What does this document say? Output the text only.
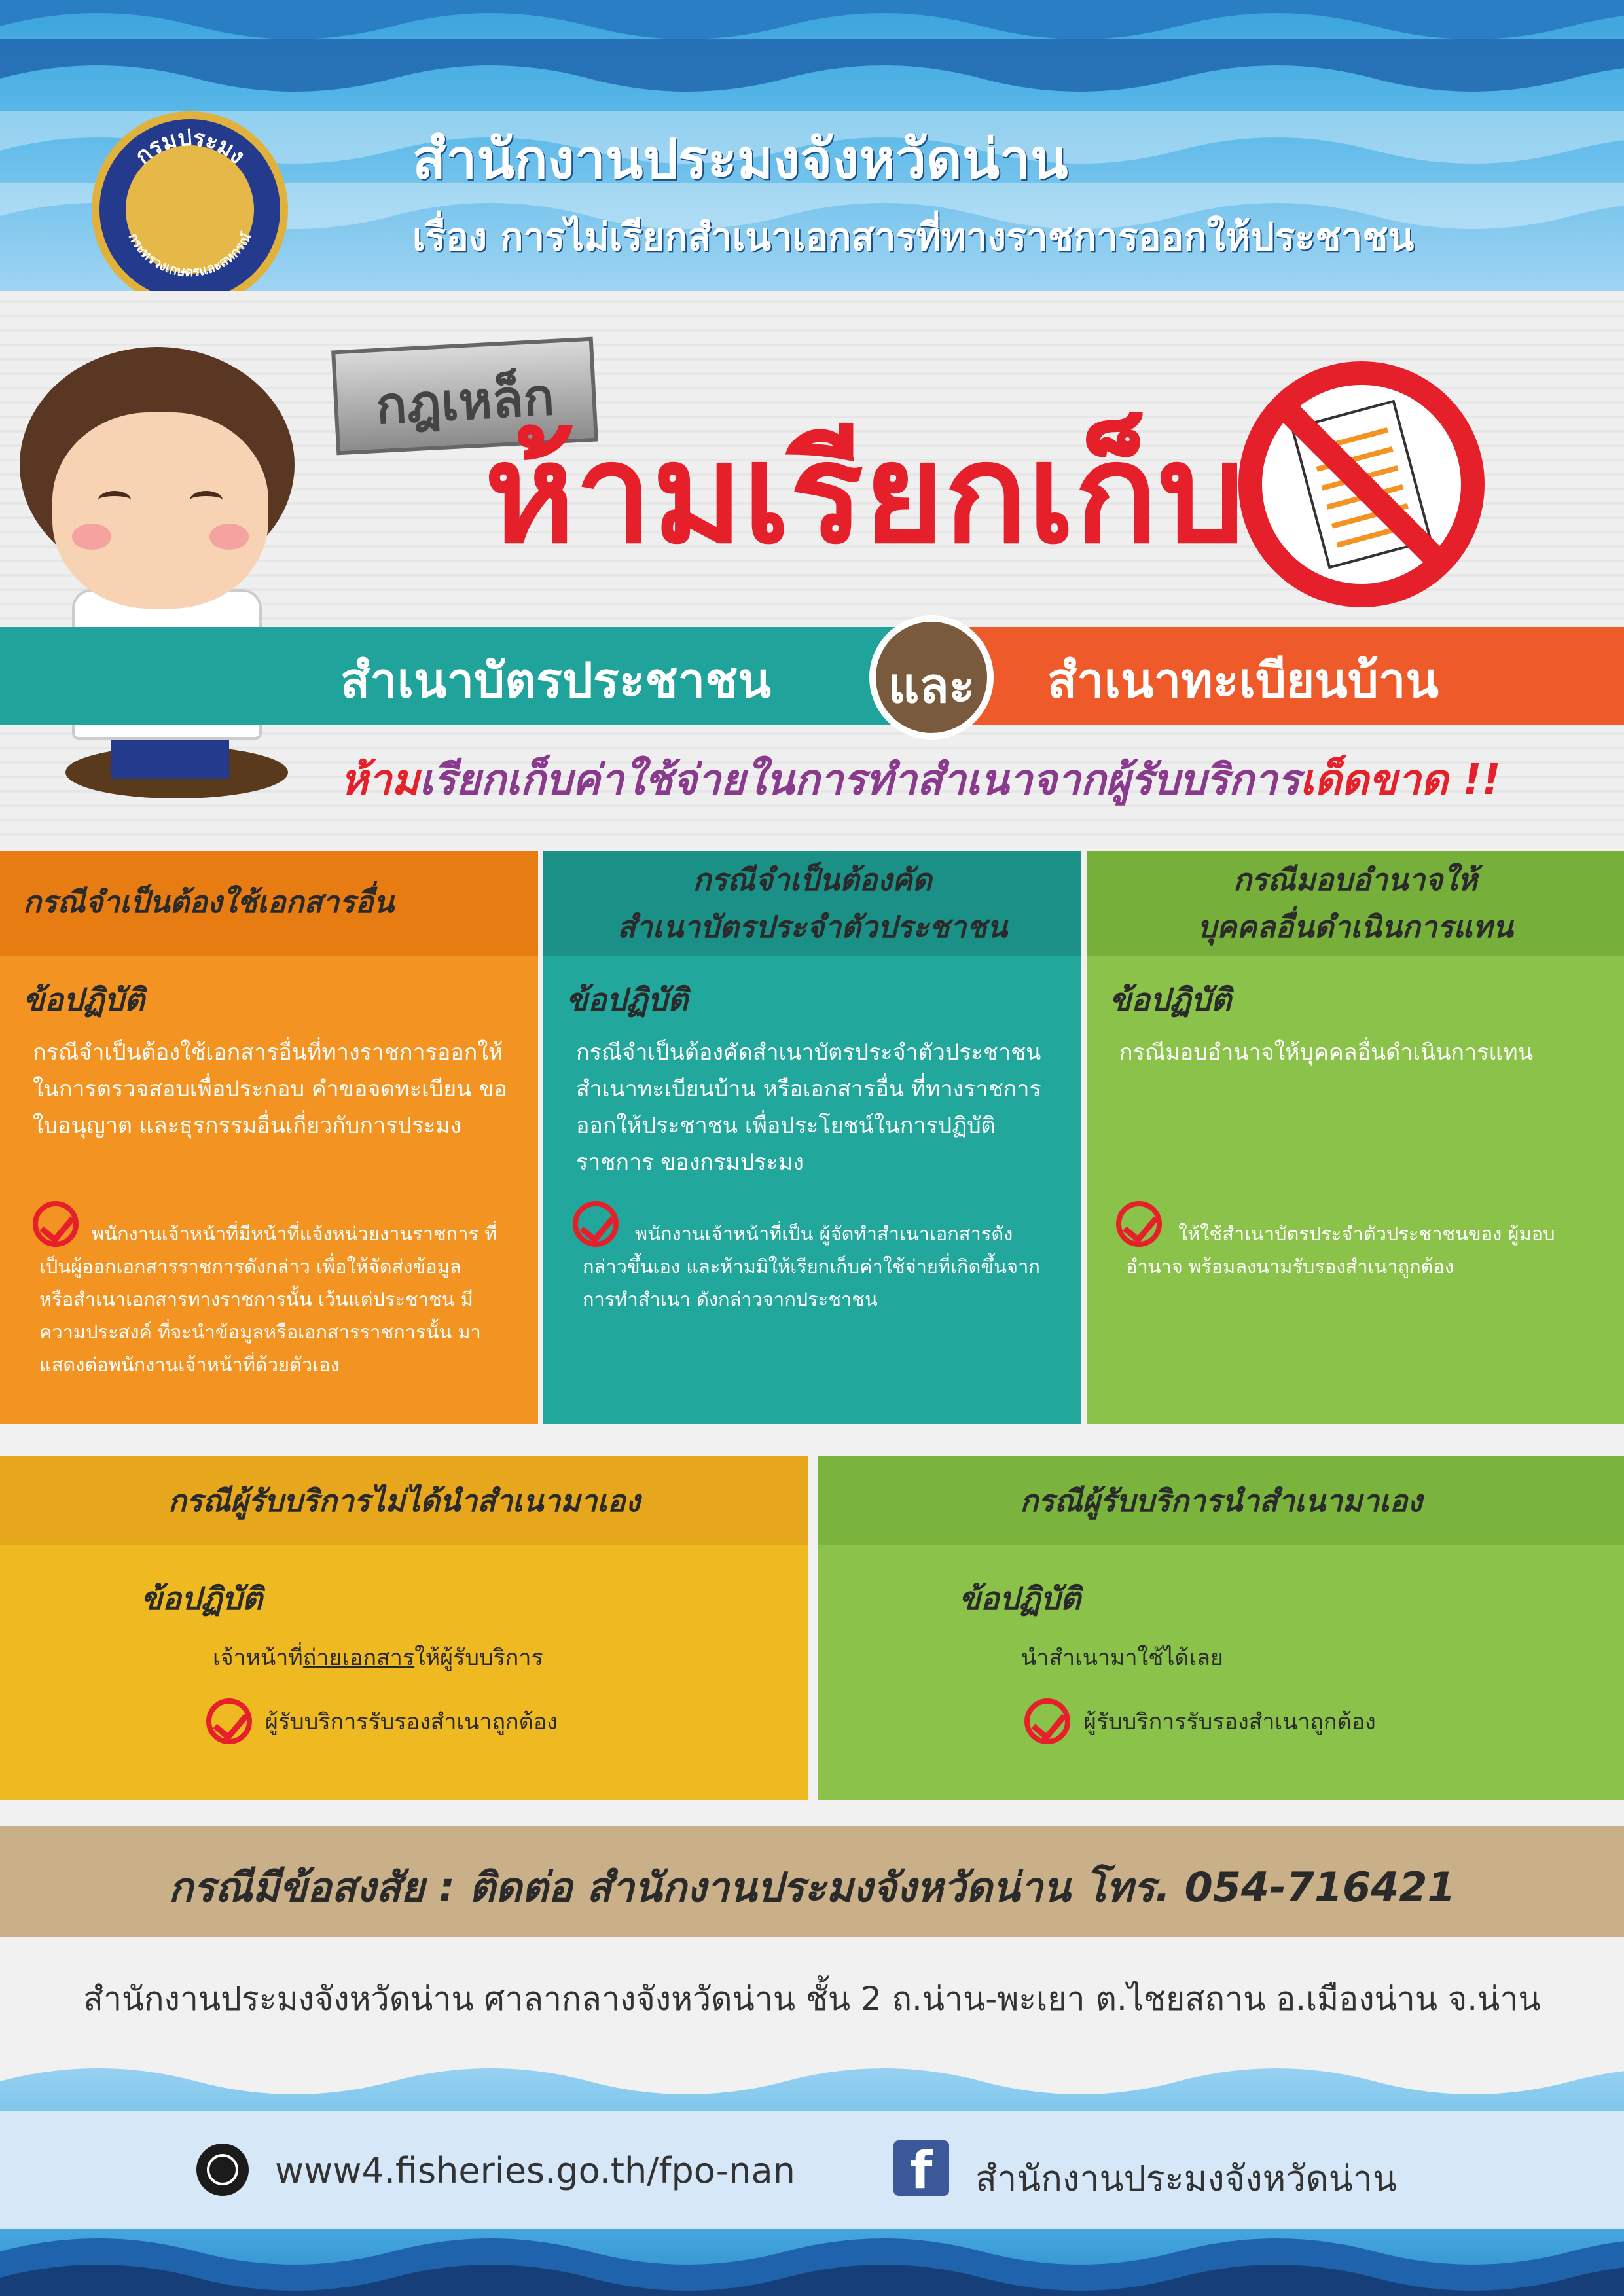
กรมประมง
กระทรวงเกษตรและสหกรณ์
สำนักงานประมงจังหวัดน่าน
เรื่อง การไม่เรียกสำเนาเอกสารที่ทางราชการออกให้ประชาชน
กฎเหล็ก
ห้ามเรียกเก็บ
สำเนาบัตรประชาชน	สำเนาทะเบียนบ้าน
และ
ห้ามเรียกเก็บค่าใช้จ่ายในการทำสำเนาจากผู้รับบริการเด็ดขาด !!
กรณีจำเป็นต้องใช้เอกสารอื่น
ข้อปฏิบัติ
กรณีจำเป็นต้องใช้เอกสารอื่นที่ทางราชการออกให้ ในการตรวจสอบเพื่อประกอบ คำขอจดทะเบียน ขอใบอนุญาต และธุรกรรมอื่นเกี่ยวกับการประมง
พนักงานเจ้าหน้าที่มีหน้าที่แจ้งหน่วยงานราชการ ที่เป็นผู้ออกเอกสารราชการดังกล่าว เพื่อให้จัดส่งข้อมูล หรือสำเนาเอกสารทางราชการนั้น เว้นแต่ประชาชน มีความประสงค์ ที่จะนำข้อมูลหรือเอกสารราชการนั้น มาแสดงต่อพนักงานเจ้าหน้าที่ด้วยตัวเอง
กรณีจำเป็นต้องคัด
สำเนาบัตรประจำตัวประชาชน
ข้อปฏิบัติ
กรณีจำเป็นต้องคัดสำเนาบัตรประจำตัวประชาชน สำเนาทะเบียนบ้าน หรือเอกสารอื่น ที่ทางราชการ ออกให้ประชาชน เพื่อประโยชน์ในการปฏิบัติราชการ ของกรมประมง
พนักงานเจ้าหน้าที่เป็น ผู้จัดทำสำเนาเอกสารดังกล่าวขึ้นเอง และห้ามมิให้เรียกเก็บค่าใช้จ่ายที่เกิดขึ้นจากการทำสำเนา ดังกล่าวจากประชาชน
กรณีมอบอำนาจให้
บุคคลอื่นดำเนินการแทน
ข้อปฏิบัติ
กรณีมอบอำนาจให้บุคคลอื่นดำเนินการแทน
ให้ใช้สำเนาบัตรประจำตัวประชาชนของ ผู้มอบอำนาจ พร้อมลงนามรับรองสำเนาถูกต้อง
กรณีผู้รับบริการไม่ได้นำสำเนามาเอง
ข้อปฏิบัติ
เจ้าหน้าที่ถ่ายเอกสารให้ผู้รับบริการ
ผู้รับบริการรับรองสำเนาถูกต้อง
กรณีผู้รับบริการนำสำเนามาเอง
ข้อปฏิบัติ
นำสำเนามาใช้ได้เลย
ผู้รับบริการรับรองสำเนาถูกต้อง
กรณีมีข้อสงสัย : ติดต่อ สำนักงานประมงจังหวัดน่าน โทร. 054-716421
สำนักงานประมงจังหวัดน่าน ศาลากลางจังหวัดน่าน ชั้น 2 ถ.น่าน-พะเยา ต.ไชยสถาน อ.เมืองน่าน จ.น่าน
www4.fisheries.go.th/fpo-nan	f	สำนักงานประมงจังหวัดน่าน
